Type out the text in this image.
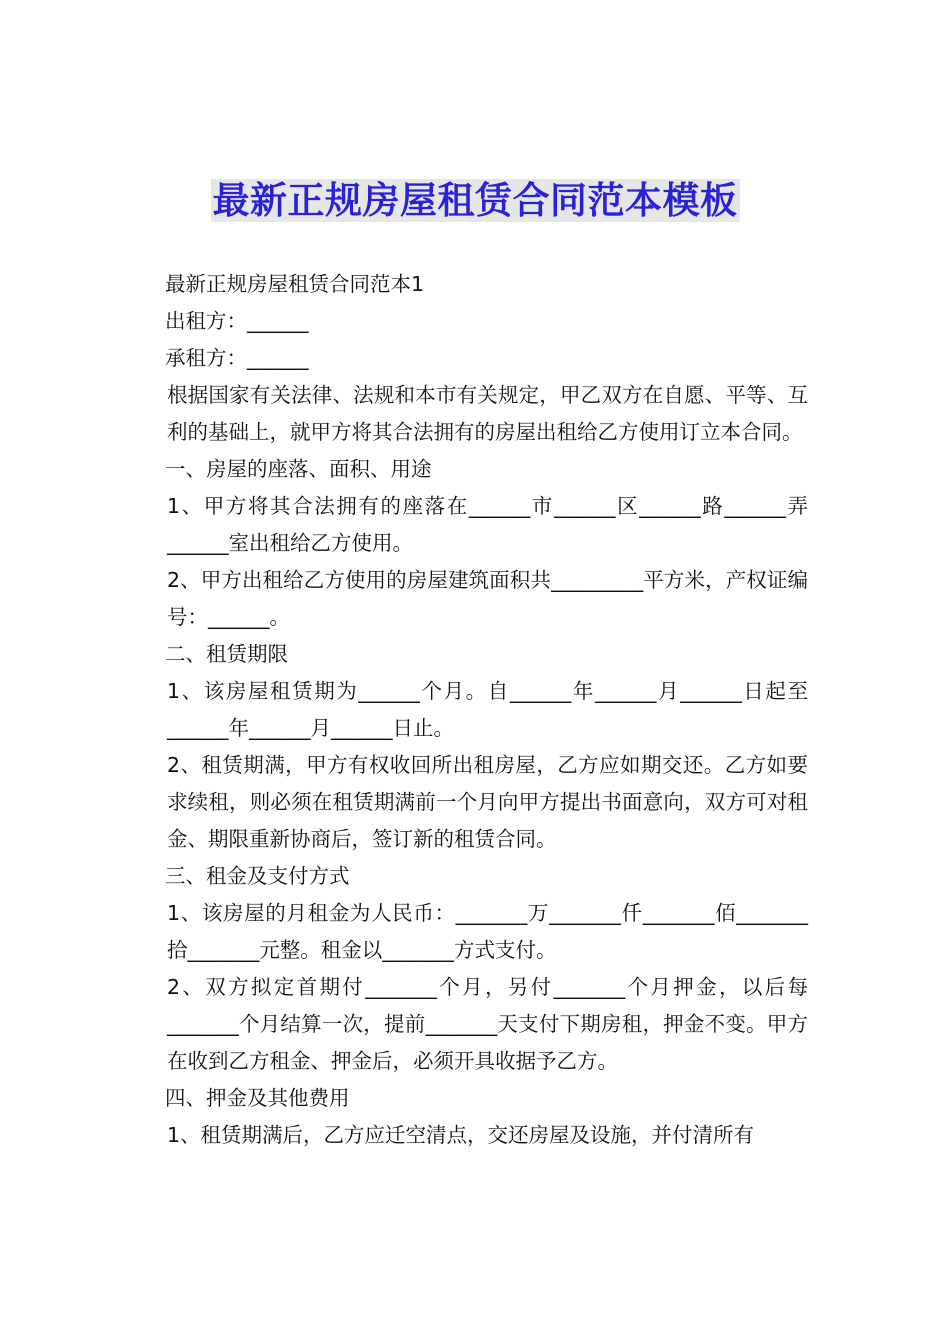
最新正规房屋租赁合同范本模板

最新正规房屋租赁合同范本1

出租方：______

承租方：______

根据国家有关法律、法规和本市有关规定，甲乙双方在自愿、平等、互利的基础上，就甲方将其合法拥有的房屋出租给乙方使用订立本合同。

一、房屋的座落、面积、用途

1、甲方将其合法拥有的座落在______市______区______路______弄______室出租给乙方使用。

2、甲方出租给乙方使用的房屋建筑面积共_________平方米，产权证编号：______。

二、租赁期限

1、该房屋租赁期为______个月。自______年______月______日起至______年______月______日止。

2、租赁期满，甲方有权收回所出租房屋，乙方应如期交还。乙方如要求续租，则必须在租赁期满前一个月向甲方提出书面意向，双方可对租金、期限重新协商后，签订新的租赁合同。

三、租金及支付方式

1、该房屋的月租金为人民币：_______万_______仟_______佰_______拾_______元整。租金以_______方式支付。

2、双方拟定首期付_______个月，另付_______个月押金，以后每_______个月结算一次，提前_______天支付下期房租，押金不变。甲方在收到乙方租金、押金后，必须开具收据予乙方。

四、押金及其他费用

1、租赁期满后，乙方应迁空清点，交还房屋及设施，并付清所有
